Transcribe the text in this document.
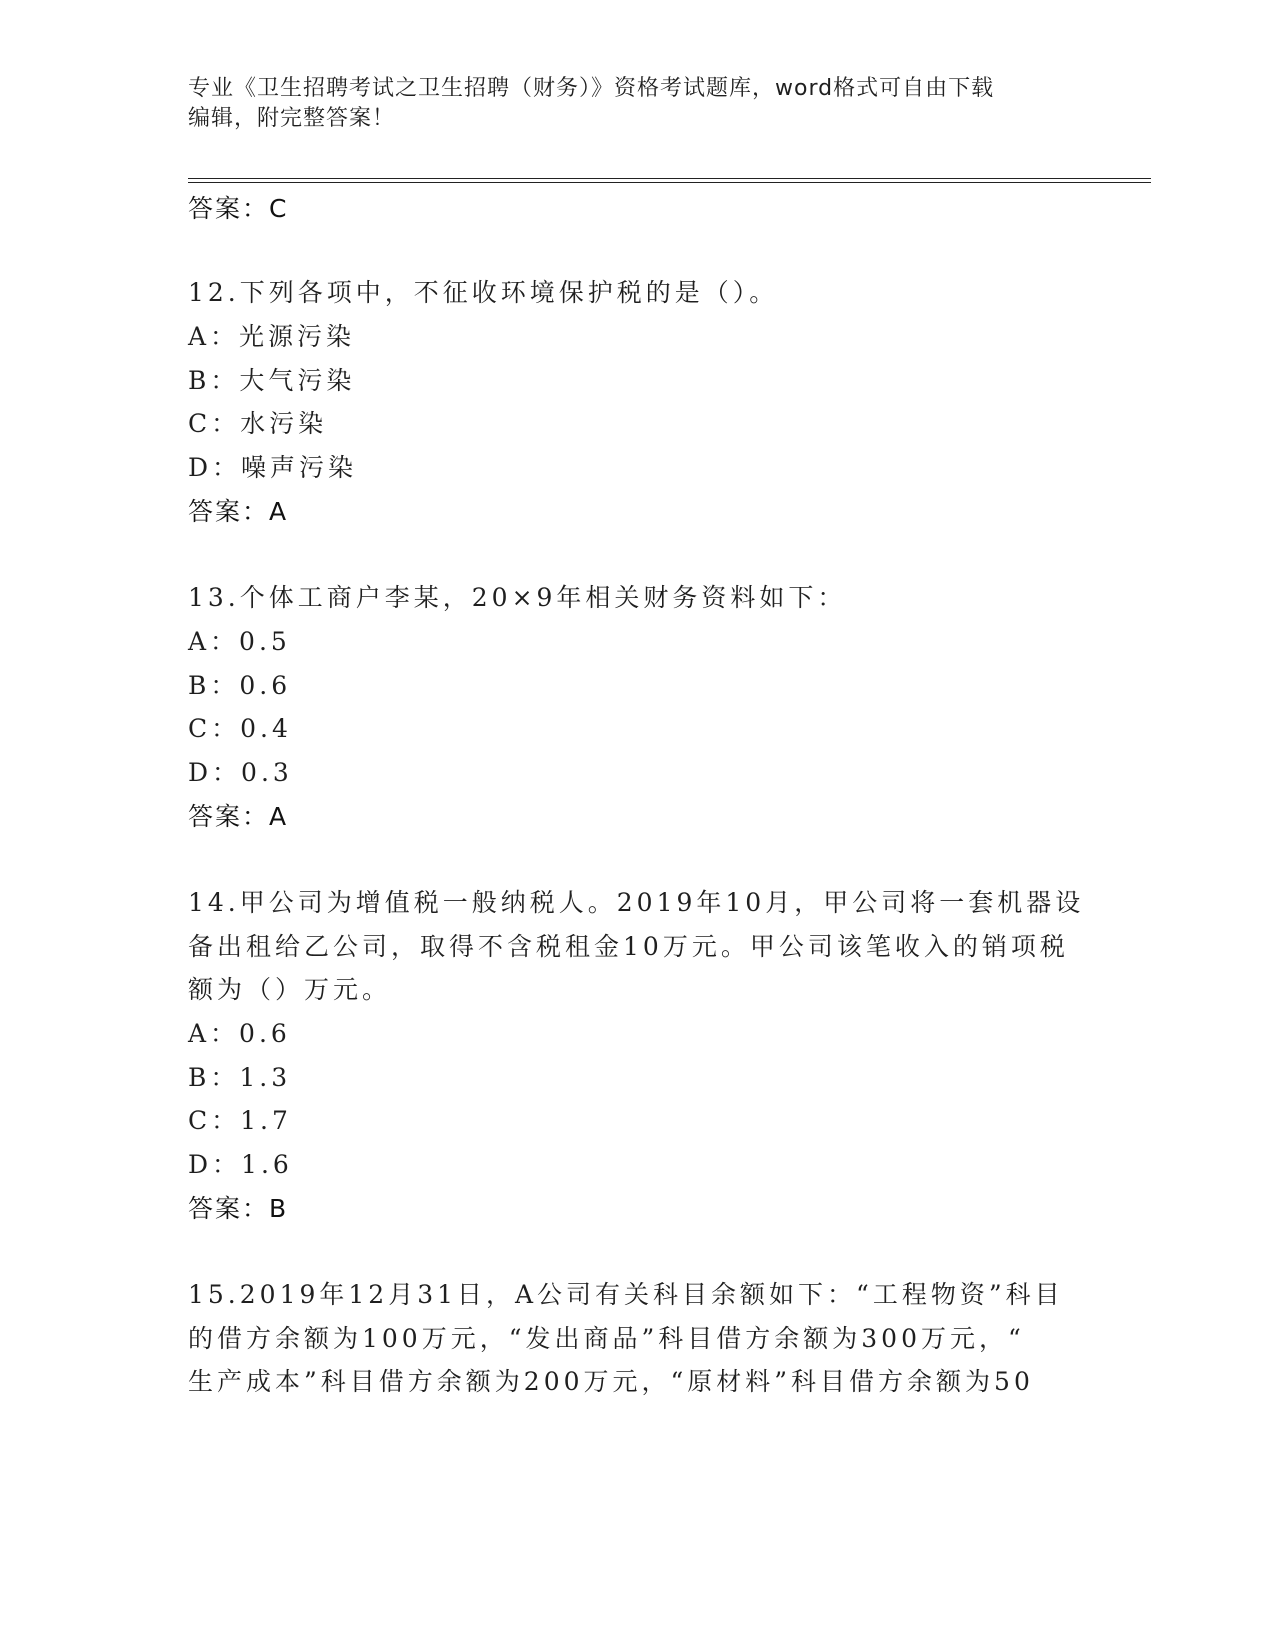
专业《卫生招聘考试之卫生招聘（财务）》资格考试题库，word格式可自由下载
编辑，附完整答案！
答案：C
12.下列各项中，不征收环境保护税的是（）。
A：光源污染
B：大气污染
C：水污染
D：噪声污染
答案：A
13.个体工商户李某，20×9年相关财务资料如下：
A：0.5
B：0.6
C：0.4
D：0.3
答案：A
14.甲公司为增值税一般纳税人。2019年10月，甲公司将一套机器设
备出租给乙公司，取得不含税租金10万元。甲公司该笔收入的销项税
额为（）万元。
A：0.6
B：1.3
C：1.7
D：1.6
答案：B
15.2019年12月31日，A公司有关科目余额如下：“工程物资”科目
的借方余额为100万元，“发出商品”科目借方余额为300万元，“
生产成本”科目借方余额为200万元，“原材料”科目借方余额为50
